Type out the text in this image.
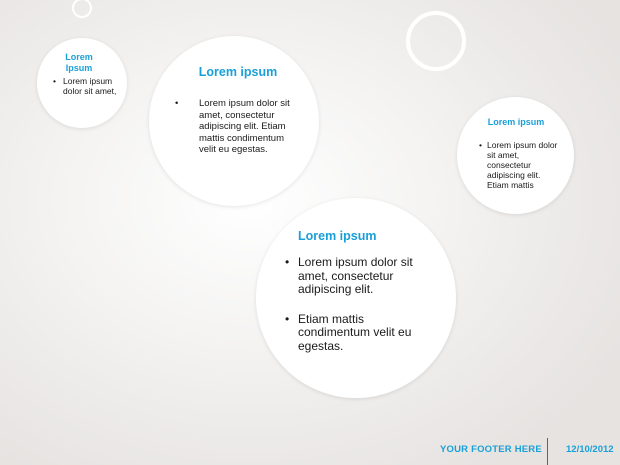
Lorem Ipsum

• Lorem ipsum dolor sit amet,

Lorem ipsum

• Lorem ipsum dolor sit amet, consectetur adipiscing elit. Etiam mattis condimentum velit eu egestas.

Lorem ipsum

• Lorem ipsum dolor sit amet, consectetur adipiscing elit. Etiam mattis

Lorem ipsum

• Lorem ipsum dolor sit amet, consectetur adipiscing elit.
• Etiam mattis condimentum velit eu egestas.
YOUR FOOTER HERE	12/10/2012
